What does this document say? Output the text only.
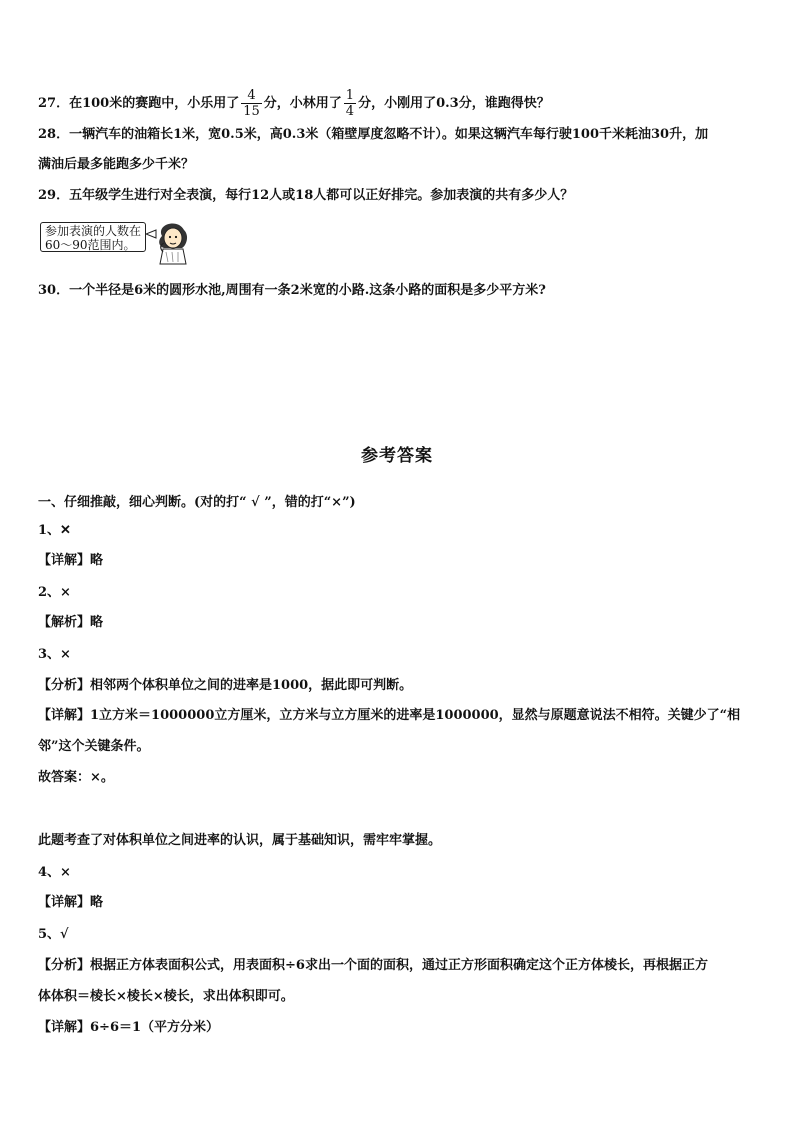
27．在100米的赛跑中，小乐用了 $\frac{4}{15}$ 分，小林用了 $\frac{1}{4}$ 分，小刚用了0.3分，谁跑得快？
28．一辆汽车的油箱长1米，宽0.5米，高0.3米（箱壁厚度忽略不计）。如果这辆汽车每行驶100千米耗油30升，加
满油后最多能跑多少千米？
29．五年级学生进行对全表演，每行12人或18人都可以正好排完。参加表演的共有多少人？
参加表演的人数在
60～90范围内。
30．一个半径是6米的圆形水池,周围有一条2米宽的小路.这条小路的面积是多少平方米?
参考答案
一、仔细推敲，细心判断。(对的打“ √ ”，错的打“×”)
1、✕
【详解】略
2、×
【解析】略
3、×
【分析】相邻两个体积单位之间的进率是1000，据此即可判断。
【详解】1立方米＝1000000立方厘米，立方米与立方厘米的进率是1000000，显然与原题意说法不相符。关键少了“相
邻”这个关键条件。
故答案：×。
此题考查了对体积单位之间进率的认识，属于基础知识，需牢牢掌握。
4、×
【详解】略
5、√
【分析】根据正方体表面积公式，用表面积÷6求出一个面的面积，通过正方形面积确定这个正方体棱长，再根据正方
体体积＝棱长×棱长×棱长，求出体积即可。
【详解】6÷6＝1（平方分米）
